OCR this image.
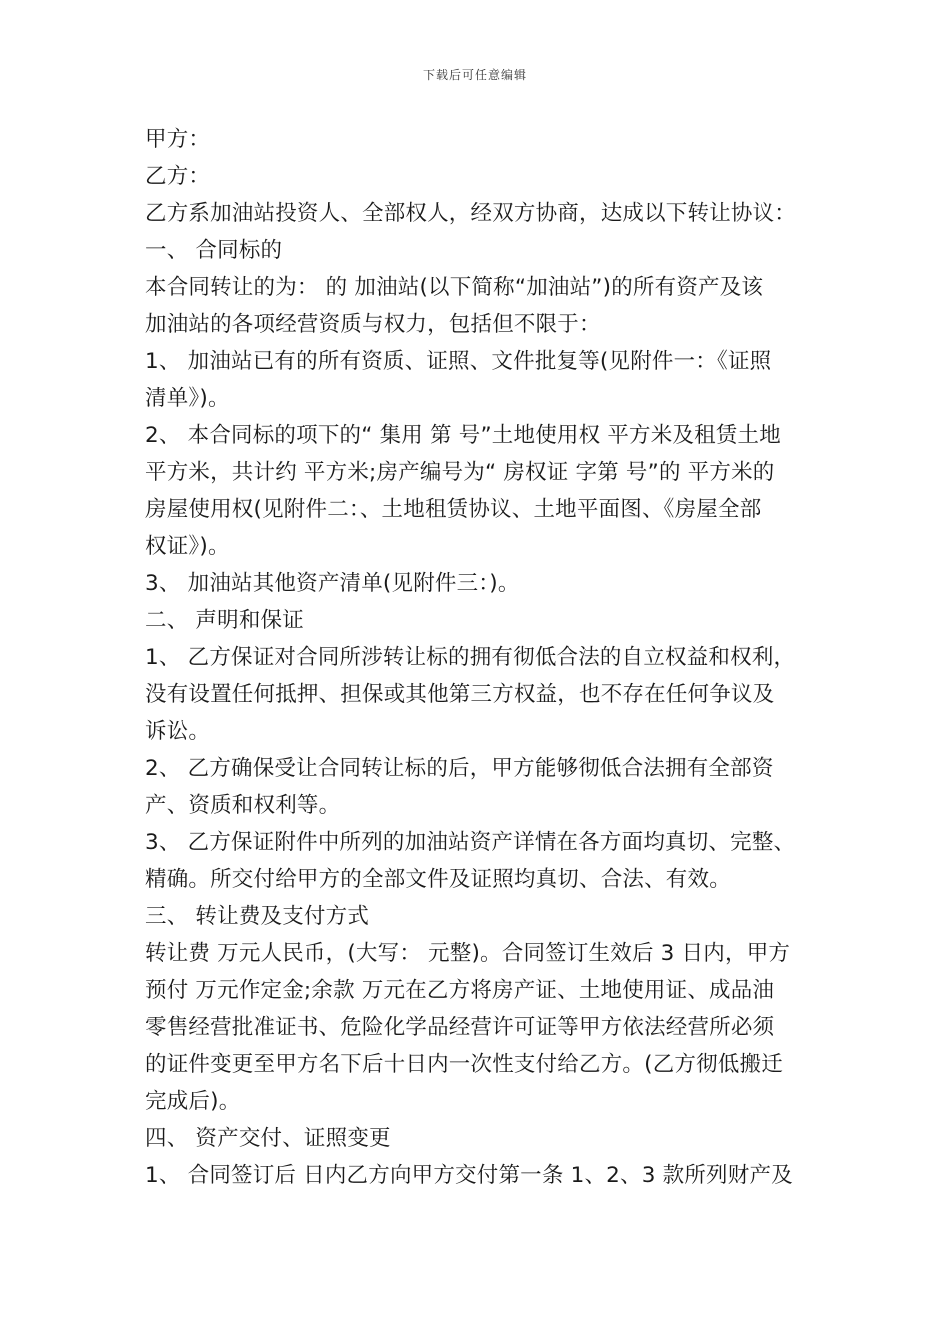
下载后可任意编辑
甲方：
乙方：
乙方系加油站投资人、全部权人，经双方协商，达成以下转让协议：
一、 合同标的
本合同转让的为： 的 加油站(以下简称“加油站”)的所有资产及该
加油站的各项经营资质与权力，包括但不限于：
1、 加油站已有的所有资质、证照、文件批复等(见附件一：《证照
清单》)。
2、 本合同标的项下的“ 集用 第 号”土地使用权 平方米及租赁土地
平方米，共计约 平方米;房产编号为“ 房权证 字第 号”的 平方米的
房屋使用权(见附件二：、土地租赁协议、土地平面图、《房屋全部
权证》)。
3、 加油站其他资产清单(见附件三：)。
二、 声明和保证
1、 乙方保证对合同所涉转让标的拥有彻低合法的自立权益和权利，
没有设置任何抵押、担保或其他第三方权益，也不存在任何争议及
诉讼。
2、 乙方确保受让合同转让标的后，甲方能够彻低合法拥有全部资
产、资质和权利等。
3、 乙方保证附件中所列的加油站资产详情在各方面均真切、完整、
精确。所交付给甲方的全部文件及证照均真切、合法、有效。
三、 转让费及支付方式
转让费 万元人民币，(大写： 元整)。合同签订生效后 3 日内，甲方
预付 万元作定金;余款 万元在乙方将房产证、土地使用证、成品油
零售经营批准证书、危险化学品经营许可证等甲方依法经营所必须
的证件变更至甲方名下后十日内一次性支付给乙方。(乙方彻低搬迁
完成后)。
四、 资产交付、证照变更
1、 合同签订后 日内乙方向甲方交付第一条 1、2、3 款所列财产及
